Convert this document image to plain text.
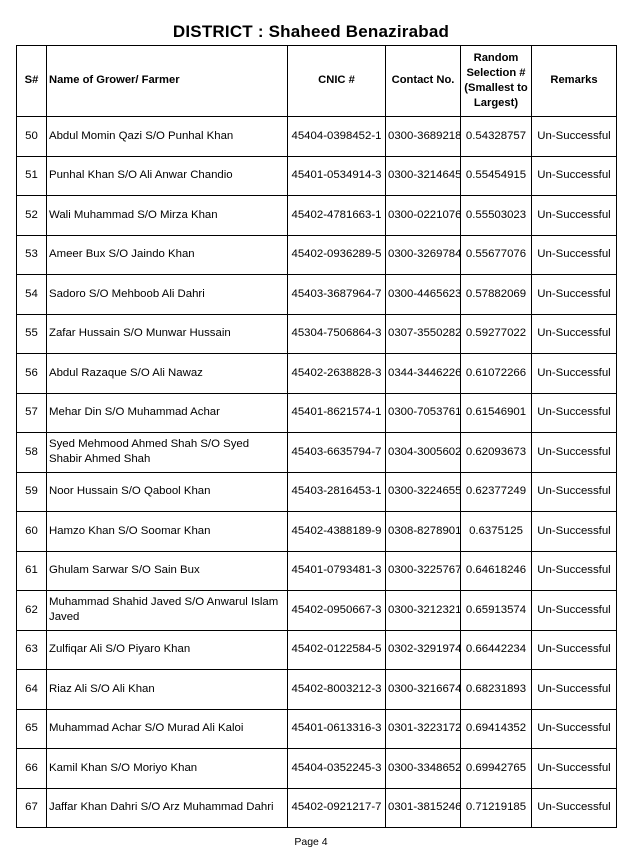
DISTRICT : Shaheed Benazirabad
S#	Name of Grower/ Farmer	CNIC #	Contact No.	Random Selection # (Smallest to Largest)	Remarks
50	Abdul Momin Qazi S/O Punhal Khan	45404-0398452-1	0300-3689218	0.54328757	Un-Successful
51	Punhal Khan S/O Ali Anwar Chandio	45401-0534914-3	0300-3214645	0.55454915	Un-Successful
52	Wali Muhammad S/O Mirza Khan	45402-4781663-1	0300-0221076	0.55503023	Un-Successful
53	Ameer Bux S/O Jaindo Khan	45402-0936289-5	0300-3269784	0.55677076	Un-Successful
54	Sadoro S/O Mehboob Ali Dahri	45403-3687964-7	0300-4465623	0.57882069	Un-Successful
55	Zafar Hussain S/O Munwar Hussain	45304-7506864-3	0307-3550282	0.59277022	Un-Successful
56	Abdul Razaque S/O Ali Nawaz	45402-2638828-3	0344-3446226	0.61072266	Un-Successful
57	Mehar Din S/O Muhammad Achar	45401-8621574-1	0300-7053761	0.61546901	Un-Successful
58	Syed Mehmood Ahmed Shah S/O Syed Shabir Ahmed Shah	45403-6635794-7	0304-3005602	0.62093673	Un-Successful
59	Noor Hussain S/O Qabool Khan	45403-2816453-1	0300-3224655	0.62377249	Un-Successful
60	Hamzo Khan S/O Soomar Khan	45402-4388189-9	0308-8278901	0.6375125	Un-Successful
61	Ghulam Sarwar S/O Sain Bux	45401-0793481-3	0300-3225767	0.64618246	Un-Successful
62	Muhammad Shahid Javed S/O Anwarul Islam Javed	45402-0950667-3	0300-3212321	0.65913574	Un-Successful
63	Zulfiqar Ali S/O Piyaro Khan	45402-0122584-5	0302-3291974	0.66442234	Un-Successful
64	Riaz Ali S/O Ali Khan	45402-8003212-3	0300-3216674	0.68231893	Un-Successful
65	Muhammad Achar S/O Murad Ali Kaloi	45401-0613316-3	0301-3223172	0.69414352	Un-Successful
66	Kamil Khan S/O Moriyo Khan	45404-0352245-3	0300-3348652	0.69942765	Un-Successful
67	Jaffar Khan Dahri S/O Arz Muhammad Dahri	45402-0921217-7	0301-3815246	0.71219185	Un-Successful
Page 4
